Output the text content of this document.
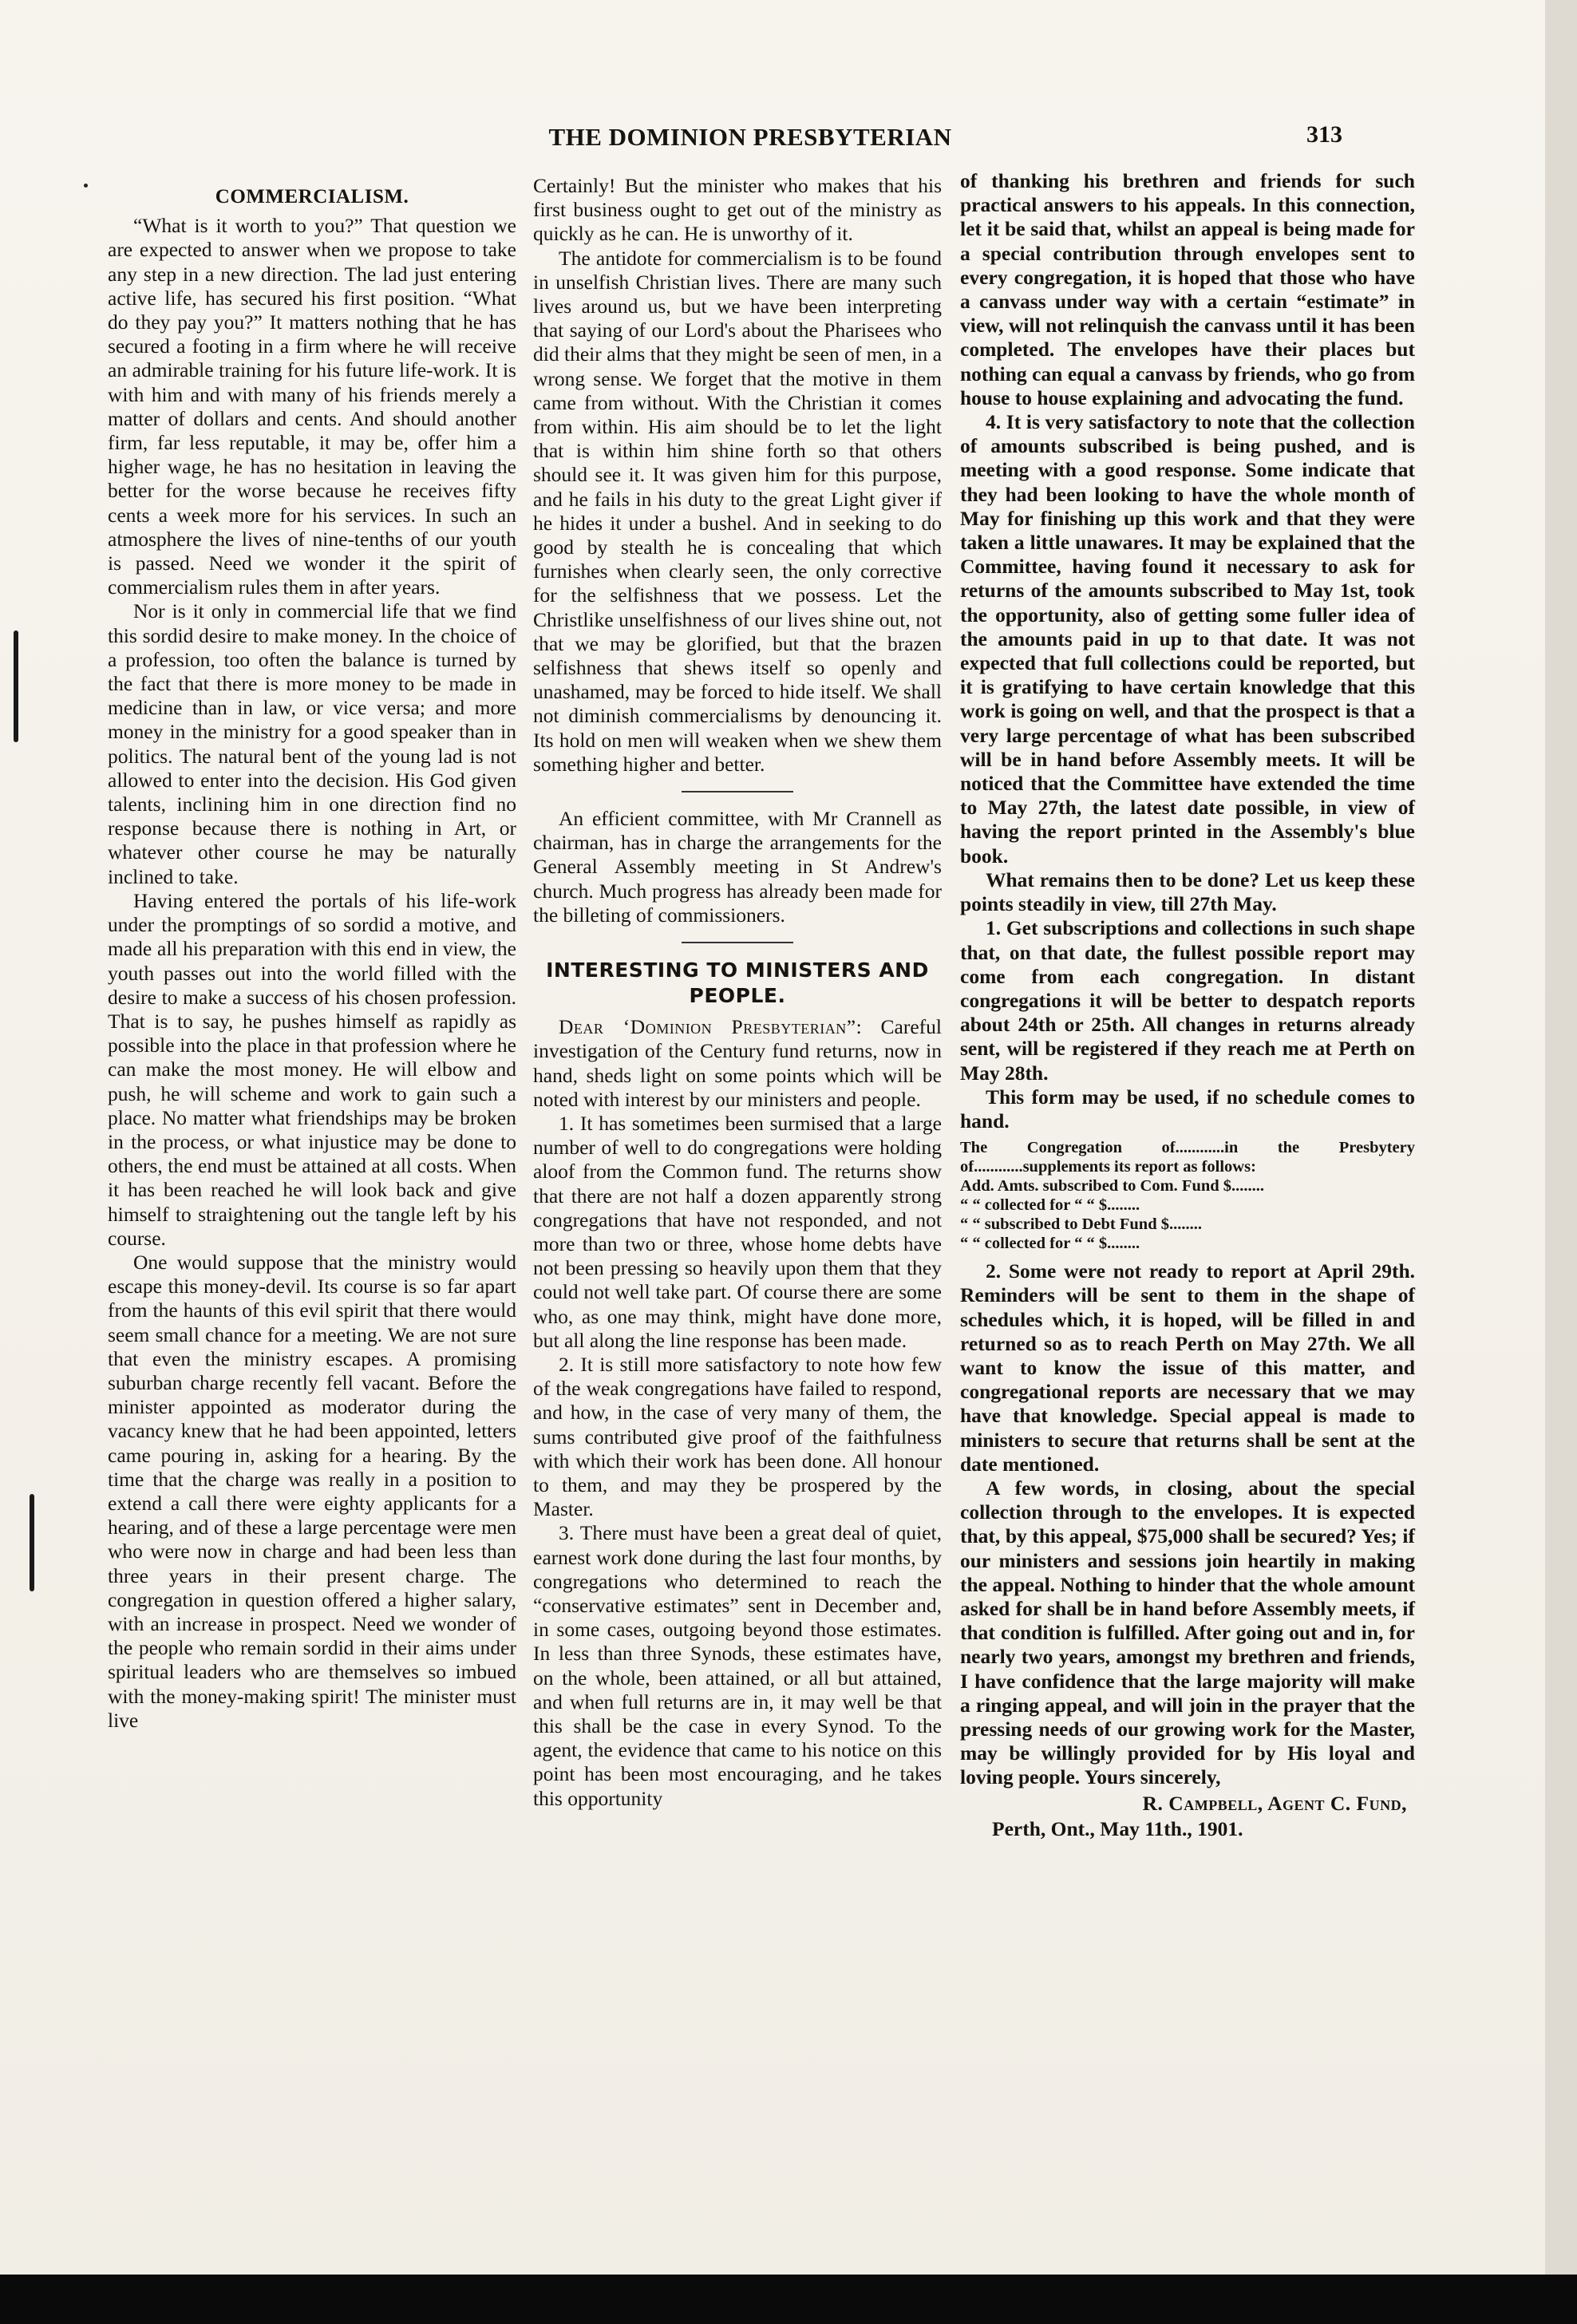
THE DOMINION PRESBYTERIAN	313
COMMERCIALISM.

“What is it worth to you?” That question we are expected to answer when we propose to take any step in a new direction. The lad just entering active life, has secured his first position. “What do they pay you?” It matters nothing that he has secured a footing in a firm where he will receive an admirable training for his future life-work. It is with him and with many of his friends merely a matter of dollars and cents. And should another firm, far less reputable, it may be, offer him a higher wage, he has no hesitation in leaving the better for the worse because he receives fifty cents a week more for his services. In such an atmosphere the lives of nine-tenths of our youth is passed. Need we wonder it the spirit of commercialism rules them in after years.

Nor is it only in commercial life that we find this sordid desire to make money. In the choice of a profession, too often the balance is turned by the fact that there is more money to be made in medicine than in law, or vice versa; and more money in the ministry for a good speaker than in politics. The natural bent of the young lad is not allowed to enter into the decision. His God given talents, inclining him in one direction find no response because there is nothing in Art, or whatever other course he may be naturally inclined to take.

Having entered the portals of his life-work under the promptings of so sordid a motive, and made all his preparation with this end in view, the youth passes out into the world filled with the desire to make a success of his chosen profession. That is to say, he pushes himself as rapidly as possible into the place in that profession where he can make the most money. He will elbow and push, he will scheme and work to gain such a place. No matter what friendships may be broken in the process, or what injustice may be done to others, the end must be attained at all costs. When it has been reached he will look back and give himself to straightening out the tangle left by his course.

One would suppose that the ministry would escape this money-devil. Its course is so far apart from the haunts of this evil spirit that there would seem small chance for a meeting. We are not sure that even the ministry escapes. A promising suburban charge recently fell vacant. Before the minister appointed as moderator during the vacancy knew that he had been appointed, letters came pouring in, asking for a hearing. By the time that the charge was really in a position to extend a call there were eighty applicants for a hearing, and of these a large percentage were men who were now in charge and had been less than three years in their present charge. The congregation in question offered a higher salary, with an increase in prospect. Need we wonder of the people who remain sordid in their aims under spiritual leaders who are themselves so imbued with the money-making spirit! The minister must live

Certainly! But the minister who makes that his first business ought to get out of the ministry as quickly as he can. He is unworthy of it.

The antidote for commercialism is to be found in unselfish Christian lives. There are many such lives around us, but we have been interpreting that saying of our Lord's about the Pharisees who did their alms that they might be seen of men, in a wrong sense. We forget that the motive in them came from without. With the Christian it comes from within. His aim should be to let the light that is within him shine forth so that others should see it. It was given him for this purpose, and he fails in his duty to the great Light giver if he hides it under a bushel. And in seeking to do good by stealth he is concealing that which furnishes when clearly seen, the only corrective for the selfishness that we possess. Let the Christlike unselfishness of our lives shine out, not that we may be glorified, but that the brazen selfishness that shews itself so openly and unashamed, may be forced to hide itself. We shall not diminish commercialisms by denouncing it. Its hold on men will weaken when we shew them something higher and better.

An efficient committee, with Mr Crannell as chairman, has in charge the arrangements for the General Assembly meeting in St Andrew's church. Much progress has already been made for the billeting of commissioners.

INTERESTING TO MINISTERS AND PEOPLE.

Dear ‘Dominion Presbyterian”: Careful investigation of the Century fund returns, now in hand, sheds light on some points which will be noted with interest by our ministers and people.

1. It has sometimes been surmised that a large number of well to do congregations were holding aloof from the Common fund. The returns show that there are not half a dozen apparently strong congregations that have not responded, and not more than two or three, whose home debts have not been pressing so heavily upon them that they could not well take part. Of course there are some who, as one may think, might have done more, but all along the line response has been made.

2. It is still more satisfactory to note how few of the weak congregations have failed to respond, and how, in the case of very many of them, the sums contributed give proof of the faithfulness with which their work has been done. All honour to them, and may they be prospered by the Master.

3. There must have been a great deal of quiet, earnest work done during the last four months, by congregations who determined to reach the “conservative estimates” sent in December and, in some cases, outgoing beyond those estimates. In less than three Synods, these estimates have, on the whole, been attained, or all but attained, and when full returns are in, it may well be that this shall be the case in every Synod. To the agent, the evidence that came to his notice on this point has been most encouraging, and he takes this opportunity

of thanking his brethren and friends for such practical answers to his appeals. In this connection, let it be said that, whilst an appeal is being made for a special contribution through envelopes sent to every congregation, it is hoped that those who have a canvass under way with a certain “estimate” in view, will not relinquish the canvass until it has been completed. The envelopes have their places but nothing can equal a canvass by friends, who go from house to house explaining and advocating the fund.

4. It is very satisfactory to note that the collection of amounts subscribed is being pushed, and is meeting with a good response. Some indicate that they had been looking to have the whole month of May for finishing up this work and that they were taken a little unawares. It may be explained that the Committee, having found it necessary to ask for returns of the amounts subscribed to May 1st, took the opportunity, also of getting some fuller idea of the amounts paid in up to that date. It was not expected that full collections could be reported, but it is gratifying to have certain knowledge that this work is going on well, and that the prospect is that a very large percentage of what has been subscribed will be in hand before Assembly meets. It will be noticed that the Committee have extended the time to May 27th, the latest date possible, in view of having the report printed in the Assembly's blue book.

What remains then to be done? Let us keep these points steadily in view, till 27th May.

1. Get subscriptions and collections in such shape that, on that date, the fullest possible report may come from each congregation. In distant congregations it will be better to despatch reports about 24th or 25th. All changes in returns already sent, will be registered if they reach me at Perth on May 28th.

This form may be used, if no schedule comes to hand.

The Congregation of............in the Presbytery of............supplements its report as follows:

Add. Amts. subscribed to Com. Fund $........
“ “ collected for “ “ $........
“ “ subscribed to Debt Fund $........
“ “ collected for “ “ $........

2. Some were not ready to report at April 29th. Reminders will be sent to them in the shape of schedules which, it is hoped, will be filled in and returned so as to reach Perth on May 27th. We all want to know the issue of this matter, and congregational reports are necessary that we may have that knowledge. Special appeal is made to ministers to secure that returns shall be sent at the date mentioned.

A few words, in closing, about the special collection through to the envelopes. It is expected that, by this appeal, $75,000 shall be secured? Yes; if our ministers and sessions join heartily in making the appeal. Nothing to hinder that the whole amount asked for shall be in hand before Assembly meets, if that condition is fulfilled. After going out and in, for nearly two years, amongst my brethren and friends, I have confidence that the large majority will make a ringing appeal, and will join in the prayer that the pressing needs of our growing work for the Master, may be willingly provided for by His loyal and loving people. Yours sincerely,

R. Campbell, Agent C. Fund,
Perth, Ont., May 11th., 1901.
